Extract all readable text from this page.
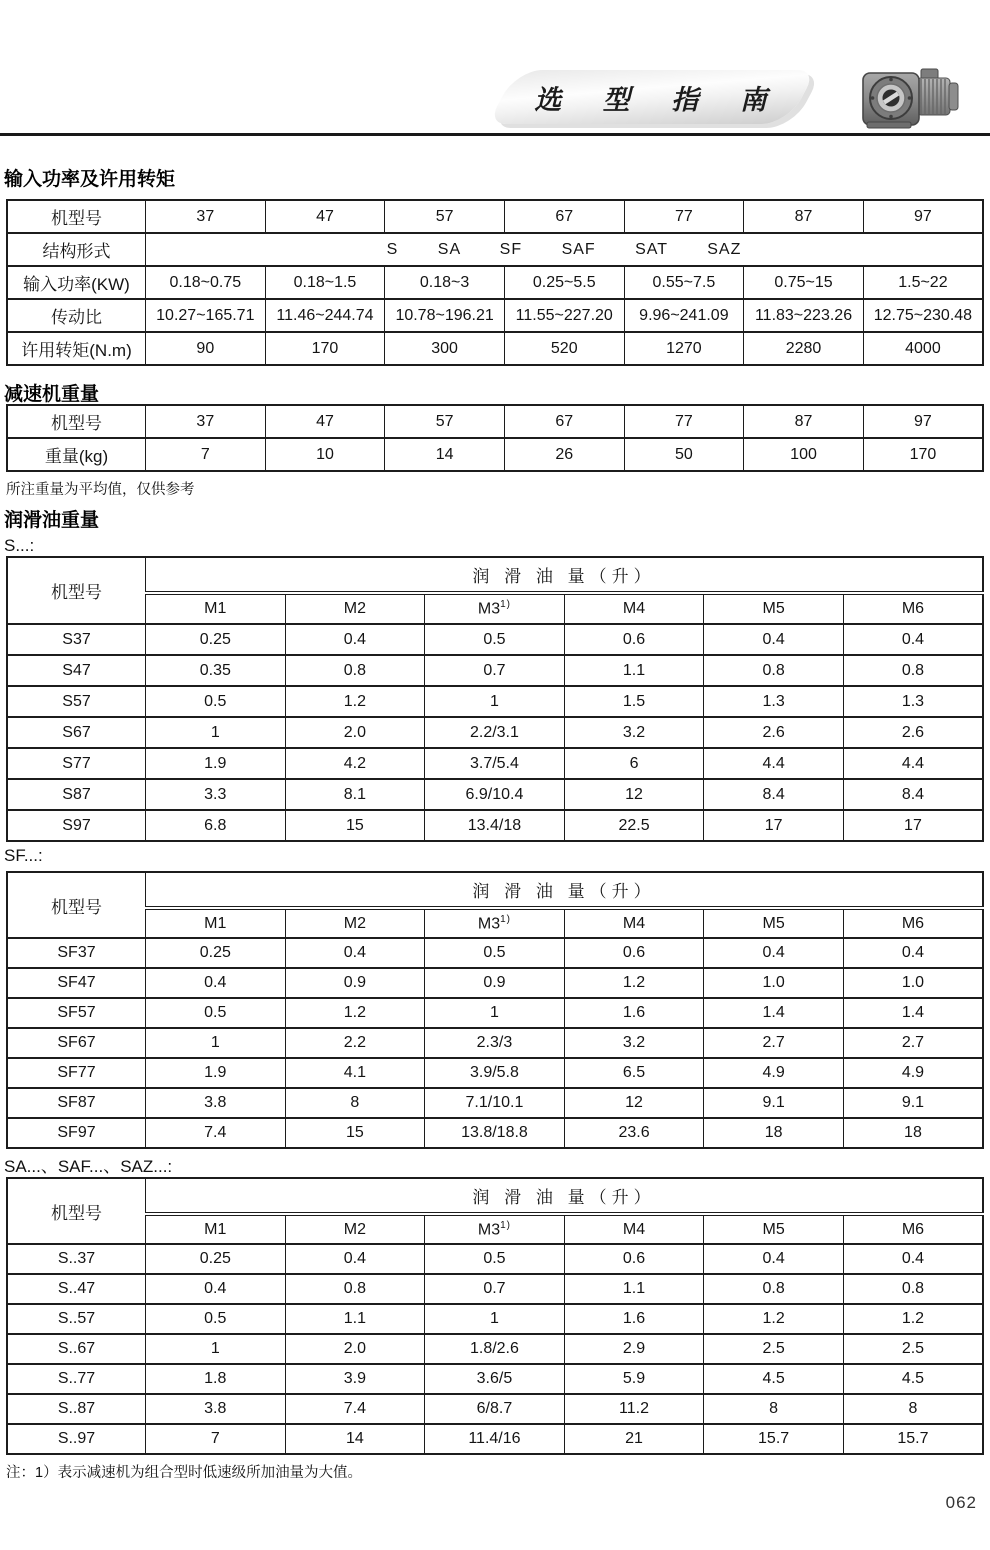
选 型 指 南
输入功率及许用转矩
机型号	37	47	57	67	77	87	97
结构形式	S SA SF SAF SAT SAZ						
输入功率(KW)	0.18~0.75	0.18~1.5	0.18~3	0.25~5.5	0.55~7.5	0.75~15	1.5~22
传动比	10.27~165.71	11.46~244.74	10.78~196.21	11.55~227.20	9.96~241.09	11.83~223.26	12.75~230.48
许用转矩(N.m)	90	170	300	520	1270	2280	4000
减速机重量
机型号	37	47	57	67	77	87	97
重量(kg)	7	10	14	26	50	100	170
所注重量为平均值，仅供参考
润滑油重量
S...:
机型号	润 滑 油 量（升）					
	M1	M2	M3$^{1)}$	M4	M5	M6
S37	0.25	0.4	0.5	0.6	0.4	0.4
S47	0.35	0.8	0.7	1.1	0.8	0.8
S57	0.5	1.2	1	1.5	1.3	1.3
S67	1	2.0	2.2/3.1	3.2	2.6	2.6
S77	1.9	4.2	3.7/5.4	6	4.4	4.4
S87	3.3	8.1	6.9/10.4	12	8.4	8.4
S97	6.8	15	13.4/18	22.5	17	17
SF...:
机型号	润 滑 油 量（升）					
	M1	M2	M3$^{1)}$	M4	M5	M6
SF37	0.25	0.4	0.5	0.6	0.4	0.4
SF47	0.4	0.9	0.9	1.2	1.0	1.0
SF57	0.5	1.2	1	1.6	1.4	1.4
SF67	1	2.2	2.3/3	3.2	2.7	2.7
SF77	1.9	4.1	3.9/5.8	6.5	4.9	4.9
SF87	3.8	8	7.1/10.1	12	9.1	9.1
SF97	7.4	15	13.8/18.8	23.6	18	18
SA...、SAF...、SAZ...:
机型号	润 滑 油 量（升）					
	M1	M2	M3$^{1)}$	M4	M5	M6
S..37	0.25	0.4	0.5	0.6	0.4	0.4
S..47	0.4	0.8	0.7	1.1	0.8	0.8
S..57	0.5	1.1	1	1.6	1.2	1.2
S..67	1	2.0	1.8/2.6	2.9	2.5	2.5
S..77	1.8	3.9	3.6/5	5.9	4.5	4.5
S..87	3.8	7.4	6/8.7	11.2	8	8
S..97	7	14	11.4/16	21	15.7	15.7
注：1）表示减速机为组合型时低速级所加油量为大值。
062
